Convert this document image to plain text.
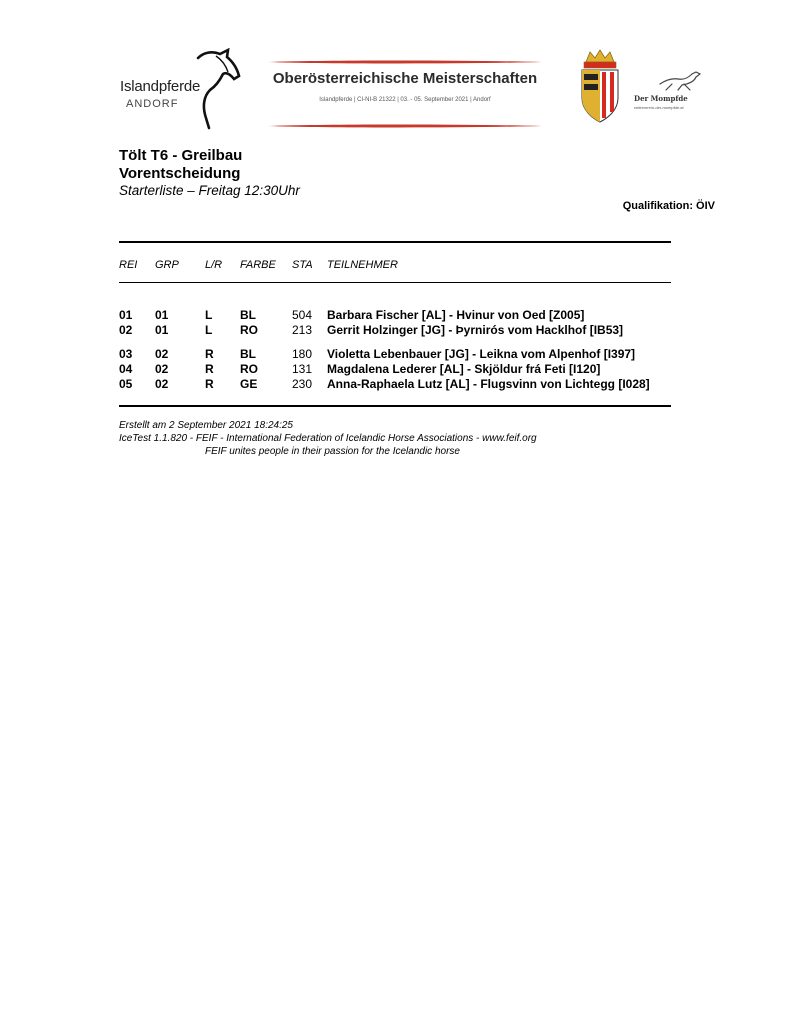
Islandpferde
ANDORF
Oberösterreichische Meisterschaften
Islandpferde | CI-NI-B 21322 | 03. - 05. September 2021 | Andorf	Der Mompfde
reiterverein-der-mompfde.at
Tölt T6 - Greilbau
Vorentscheidung
Starterliste – Freitag 12:30Uhr
Qualifikation: ÖIV
REI GRP L/R FARBE STA TEILNEHMER
01 01	L BL	504 Barbara Fischer [AL] - Hvinur von Oed [Z005]
02 01	L RO	213 Gerrit Holzinger [JG] - Þyrnirós vom Hacklhof [IB53]
03 02	R BL	180 Violetta Lebenbauer [JG] - Leikna vom Alpenhof [I397]
04 02	R RO	131 Magdalena Lederer [AL] - Skjöldur frá Feti [I120]
05 02	R GE	230 Anna-Raphaela Lutz [AL] - Flugsvinn von Lichtegg [I028]
Erstellt am 2 September 2021 18:24:25
IceTest 1.1.820 - FEIF - International Federation of Icelandic Horse Associations - www.feif.org
FEIF unites people in their passion for the Icelandic horse
